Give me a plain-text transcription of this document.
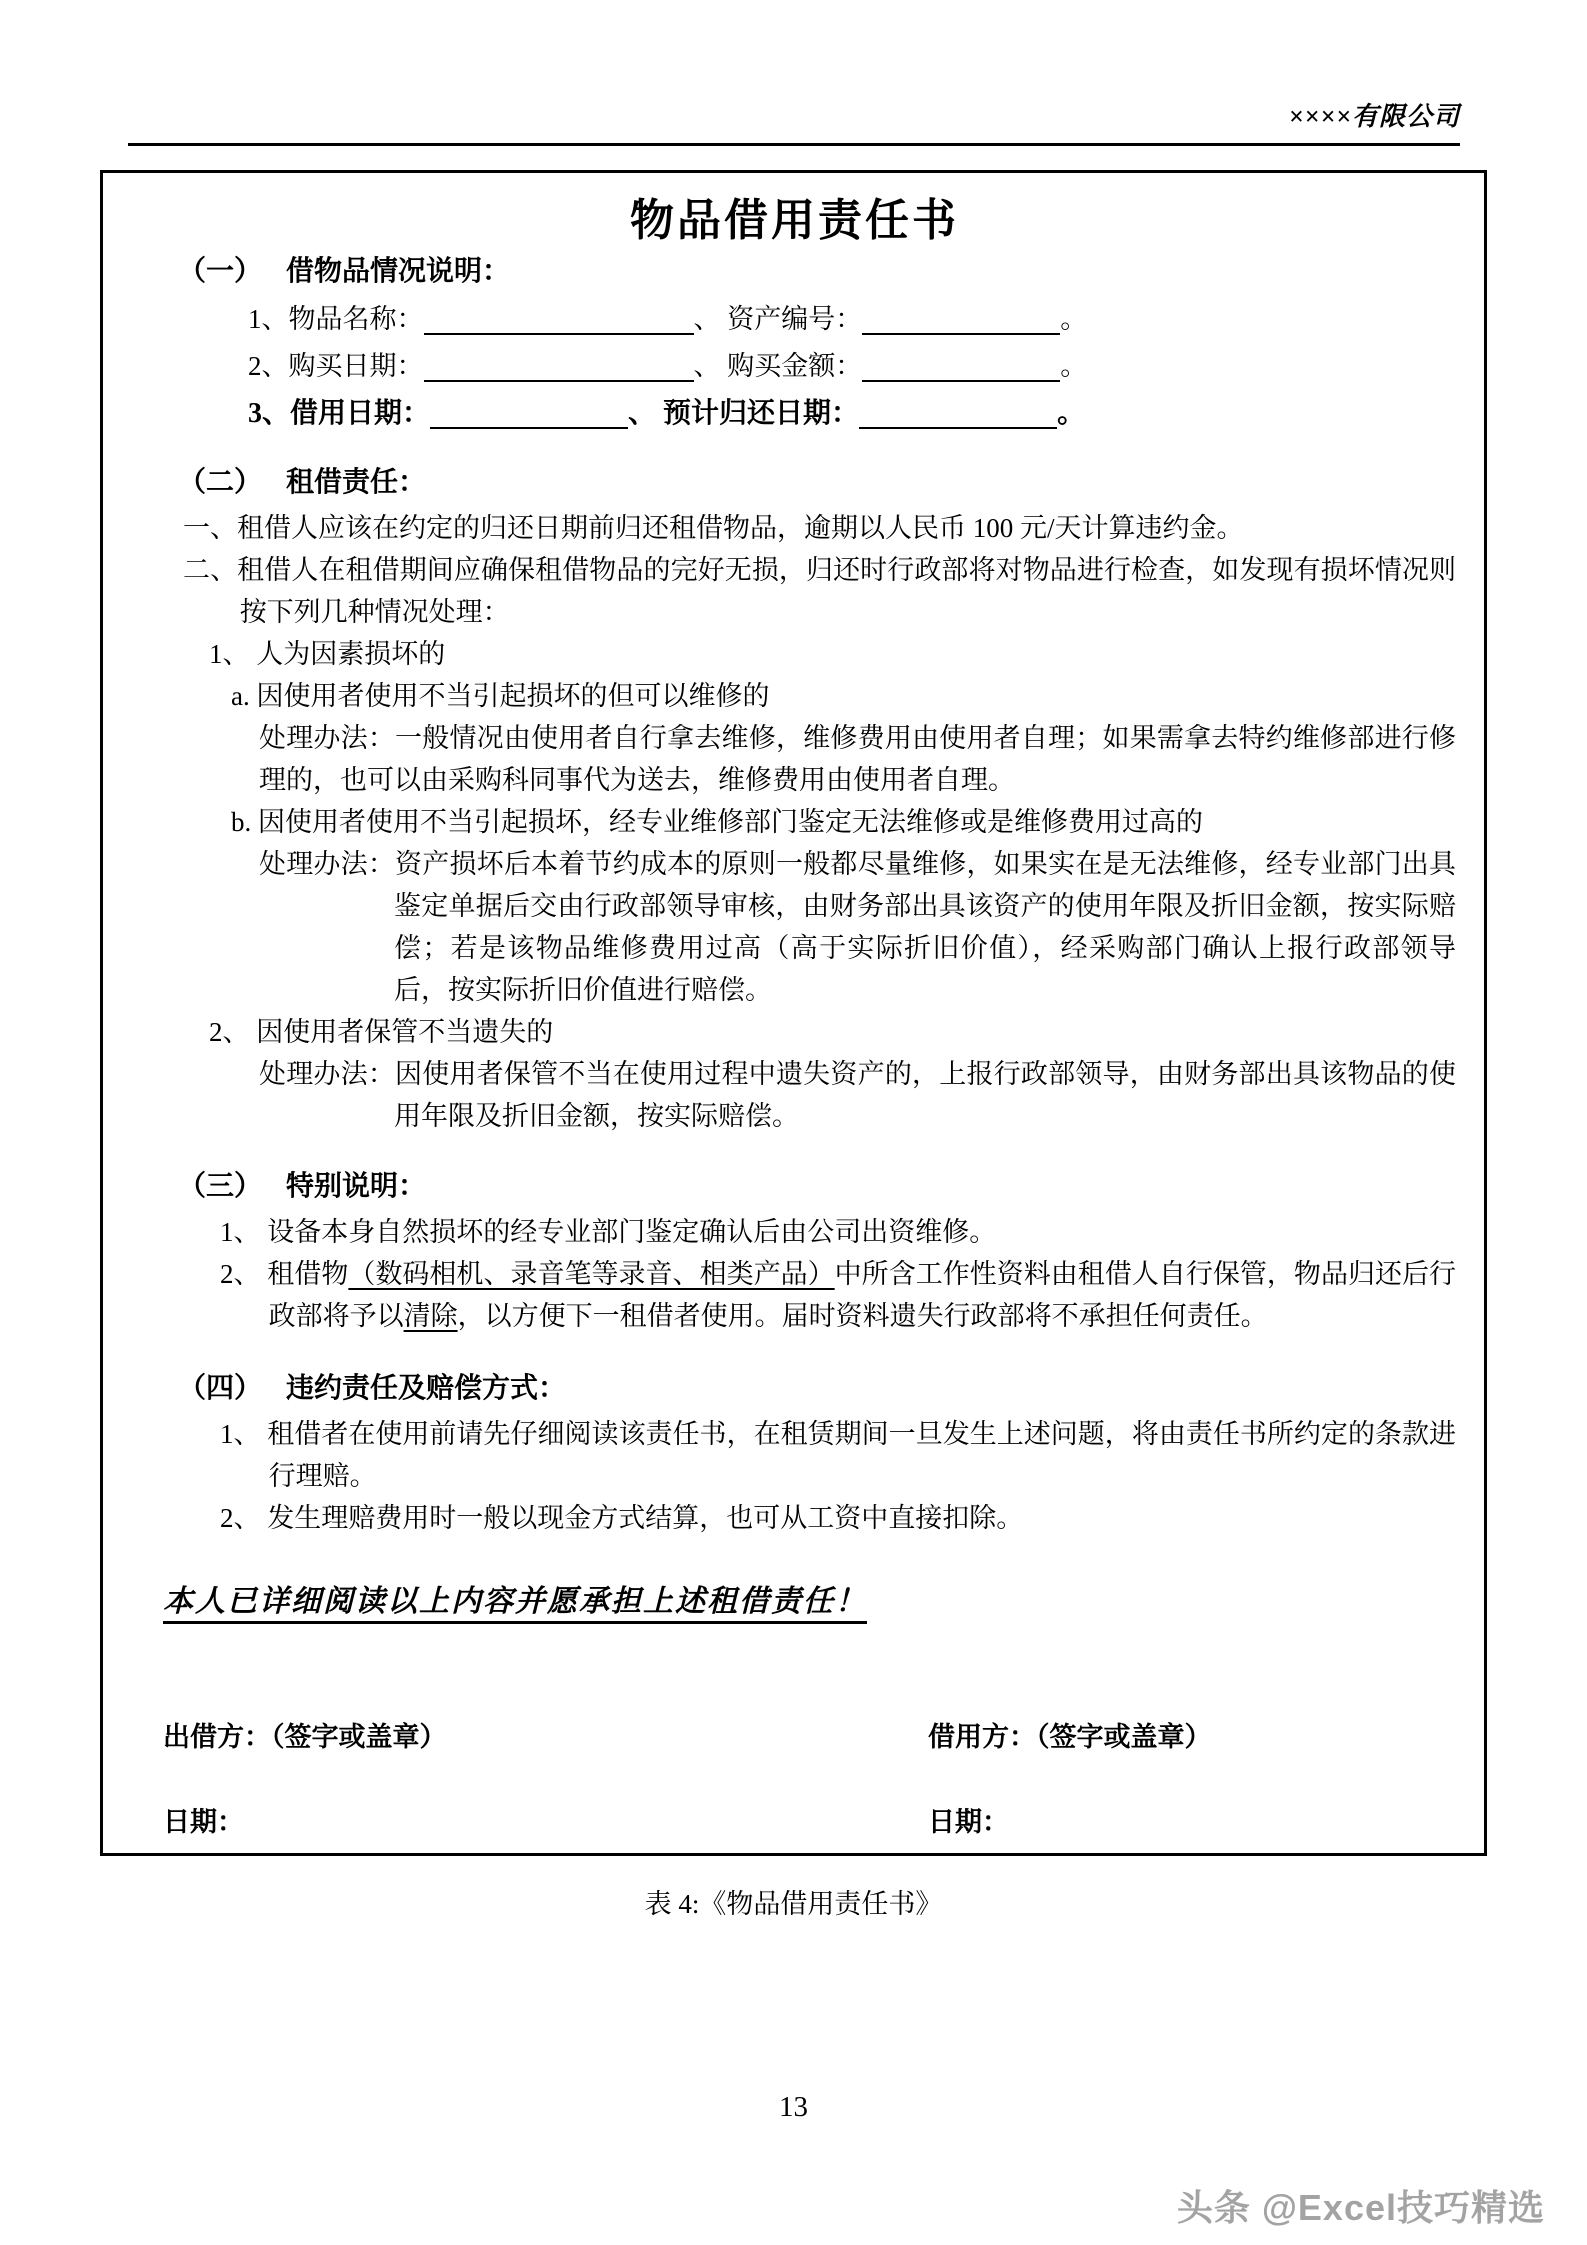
××××有限公司
物品借用责任书
（一） 借物品情况说明：
1、物品名称：	、 资产编号：	。
2、购买日期：	、 购买金额：	。
3、借用日期：	、 预计归还日期：	。
（二） 租借责任：

一、租借人应该在约定的归还日期前归还租借物品，逾期以人民币 100 元/天计算违约金。

二、租借人在租借期间应确保租借物品的完好无损，归还时行政部将对物品进行检查，如发现有损坏情况则按下列几种情况处理：

1、 人为因素损坏的

a. 因使用者使用不当引起损坏的但可以维修的

处理办法：一般情况由使用者自行拿去维修，维修费用由使用者自理；如果需拿去特约维修部进行修理的，也可以由采购科同事代为送去，维修费用由使用者自理。

b. 因使用者使用不当引起损坏，经专业维修部门鉴定无法维修或是维修费用过高的

处理办法：资产损坏后本着节约成本的原则一般都尽量维修，如果实在是无法维修，经专业部门出具鉴定单据后交由行政部领导审核，由财务部出具该资产的使用年限及折旧金额，按实际赔偿；若是该物品维修费用过高（高于实际折旧价值），经采购部门确认上报行政部领导后，按实际折旧价值进行赔偿。

2、 因使用者保管不当遗失的

处理办法：因使用者保管不当在使用过程中遗失资产的，上报行政部领导，由财务部出具该物品的使用年限及折旧金额，按实际赔偿。

（三） 特别说明：

1、 设备本身自然损坏的经专业部门鉴定确认后由公司出资维修。

2、 租借物（数码相机、录音笔等录音、相类产品）中所含工作性资料由租借人自行保管，物品归还后行政部将予以清除，以方便下一租借者使用。届时资料遗失行政部将不承担任何责任。

（四） 违约责任及赔偿方式：

1、 租借者在使用前请先仔细阅读该责任书，在租赁期间一旦发生上述问题，将由责任书所约定的条款进行理赔。

2、 发生理赔费用时一般以现金方式结算，也可从工资中直接扣除。

本人已详细阅读以上内容并愿承担上述租借责任！
出借方：（签字或盖章）	借用方：（签字或盖章）
日期：	日期：
表 4:《物品借用责任书》
13
头条 @Excel技巧精选
